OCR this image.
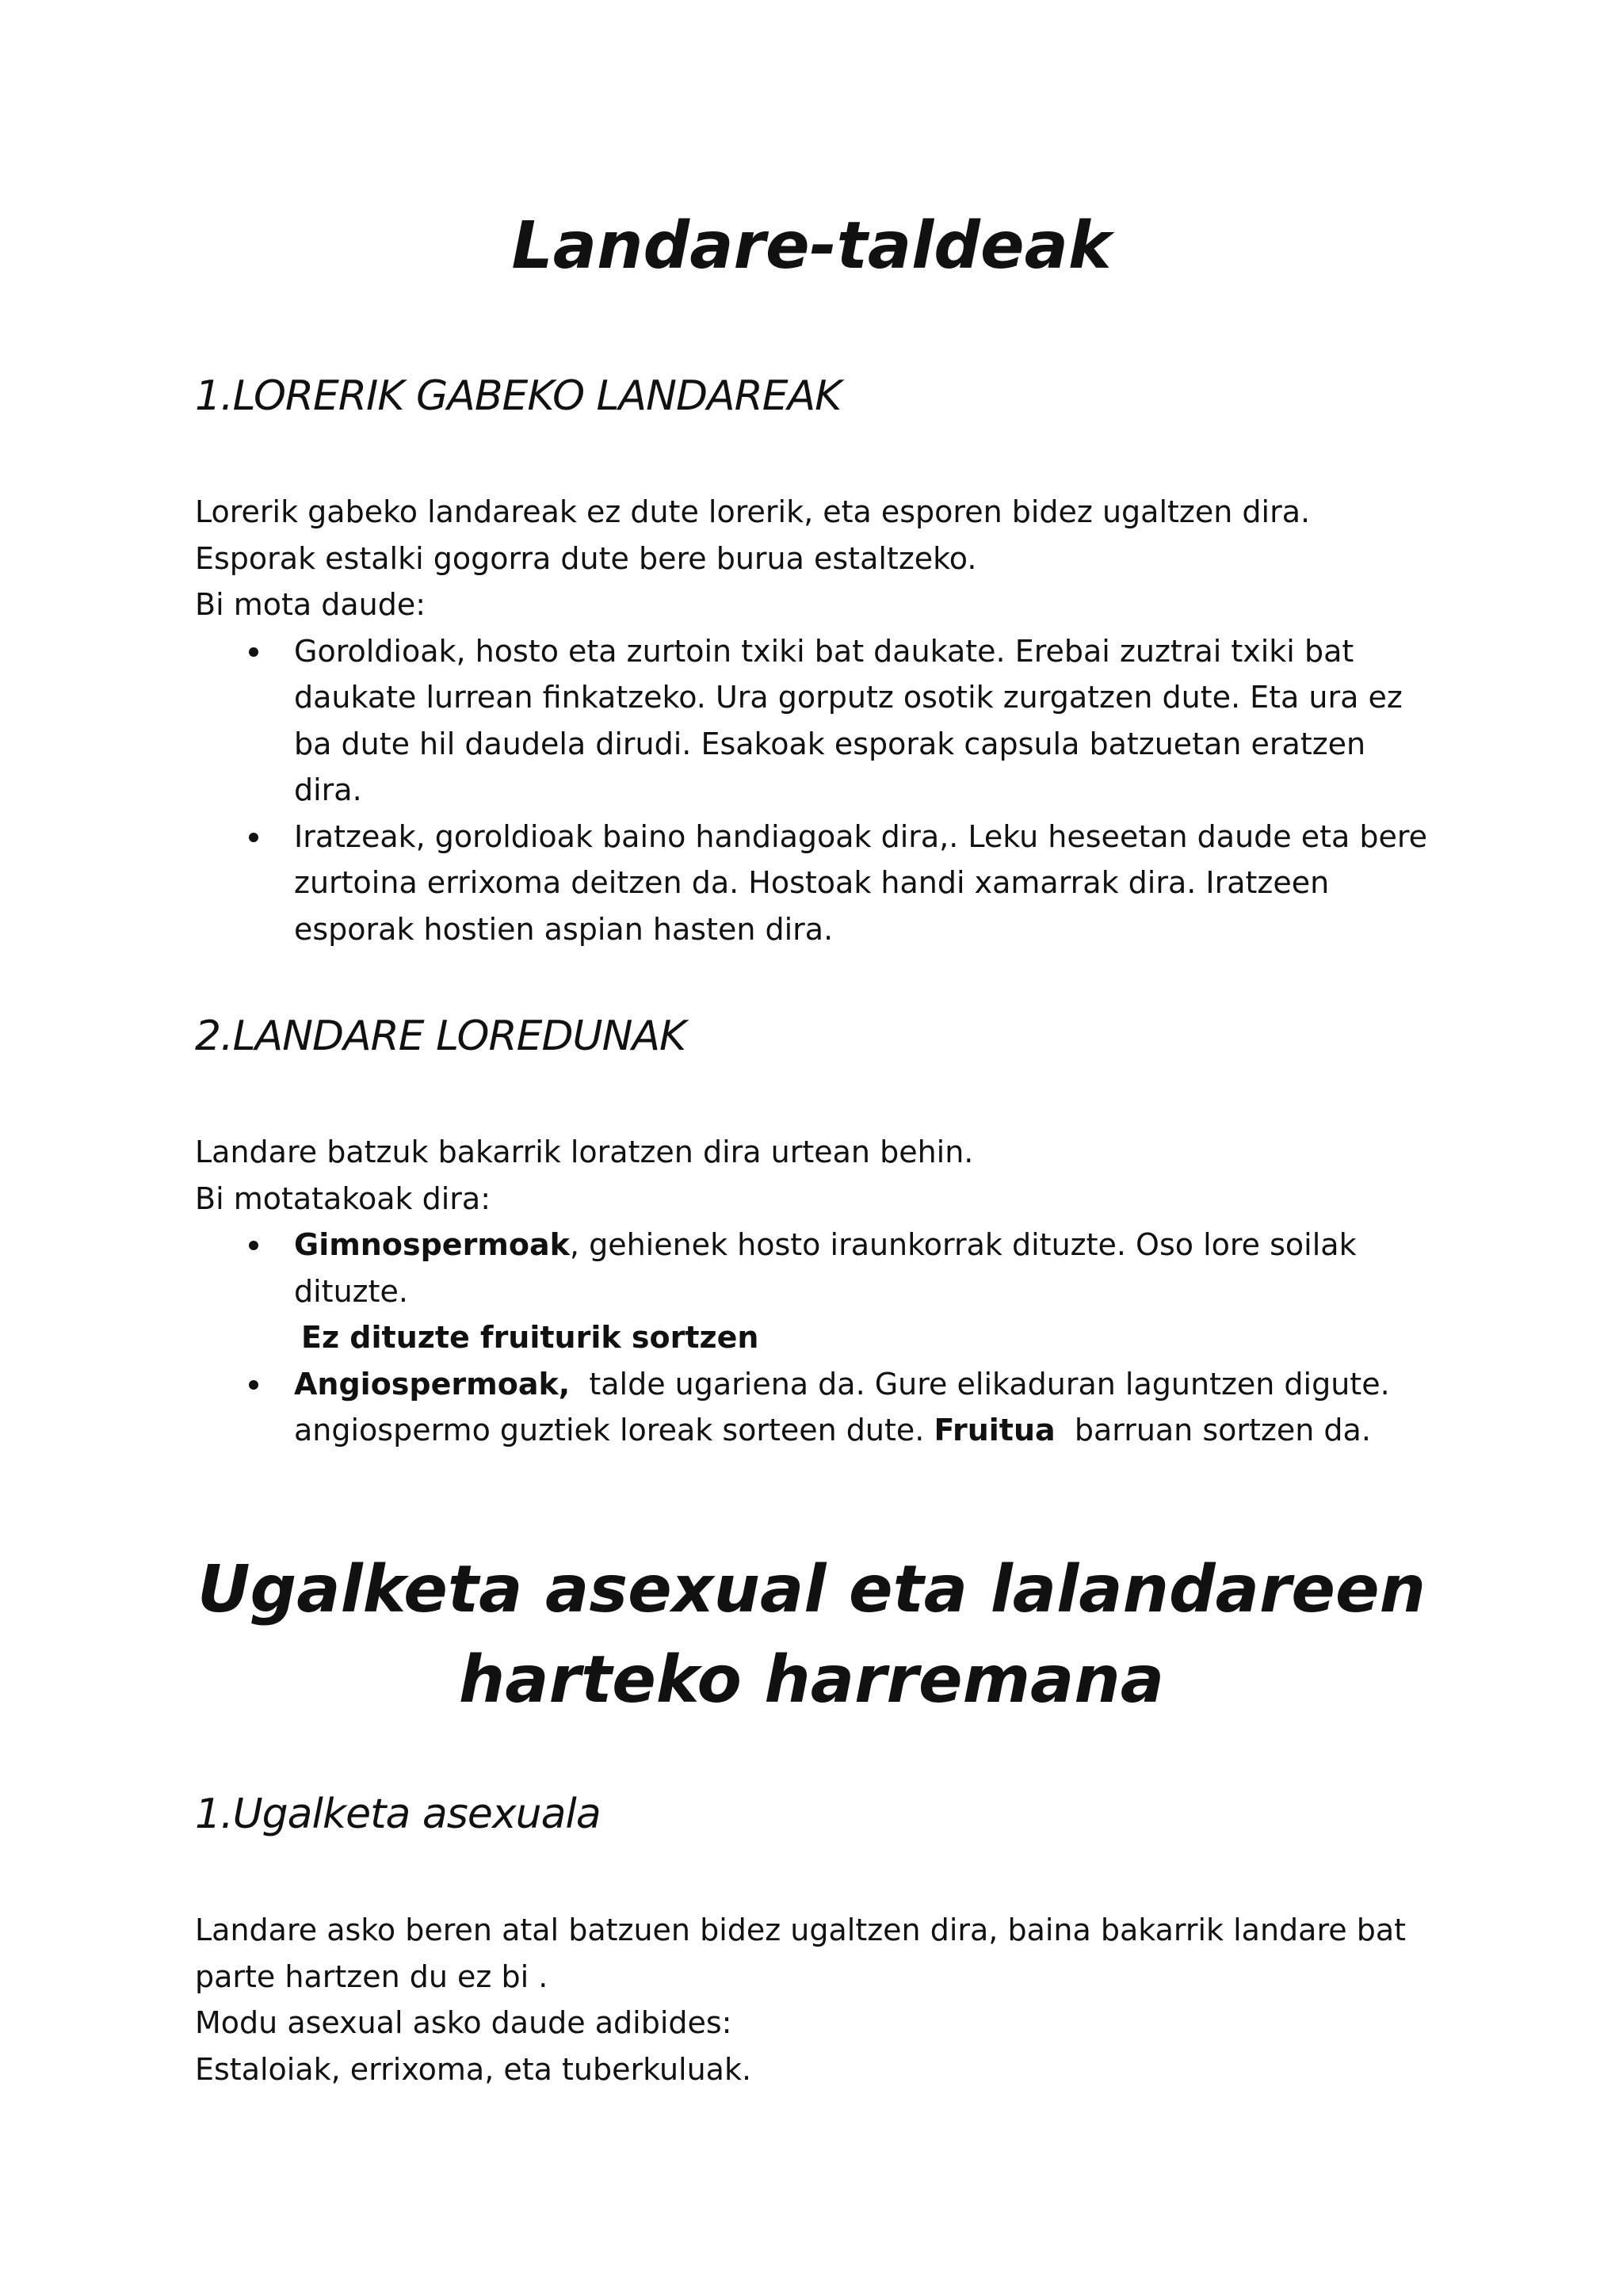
Landare-taldeak
1.LORERIK GABEKO LANDAREAK
Lorerik gabeko landareak ez dute lorerik, eta esporen bidez ugaltzen dira.
Esporak estalki gogorra dute bere burua estaltzeko.
Bi mota daude:
Goroldioak, hosto eta zurtoin txiki bat daukate. Erebai zuztrai txiki bat
daukate lurrean finkatzeko. Ura gorputz osotik zurgatzen dute. Eta ura ez
ba dute hil daudela dirudi. Esakoak esporak capsula batzuetan eratzen
dira.
Iratzeak, goroldioak baino handiagoak dira,. Leku heseetan daude eta bere
zurtoina errixoma deitzen da. Hostoak handi xamarrak dira. Iratzeen
esporak hostien aspian hasten dira.
2.LANDARE LOREDUNAK
Landare batzuk bakarrik loratzen dira urtean behin.
Bi motatakoak dira:
Gimnospermoak, gehienek hosto iraunkorrak dituzte. Oso lore soilak
dituzte.
Ez dituzte fruiturik sortzen
Angiospermoak,  talde ugariena da. Gure elikaduran laguntzen digute.
angiospermo guztiek loreak sorteen dute. Fruitua  barruan sortzen da.
Ugalketa asexual eta lalandareen
harteko harremana
1.Ugalketa asexuala
Landare asko beren atal batzuen bidez ugaltzen dira, baina bakarrik landare bat
parte hartzen du ez bi .
Modu asexual asko daude adibides:
Estaloiak, errixoma, eta tuberkuluak.
